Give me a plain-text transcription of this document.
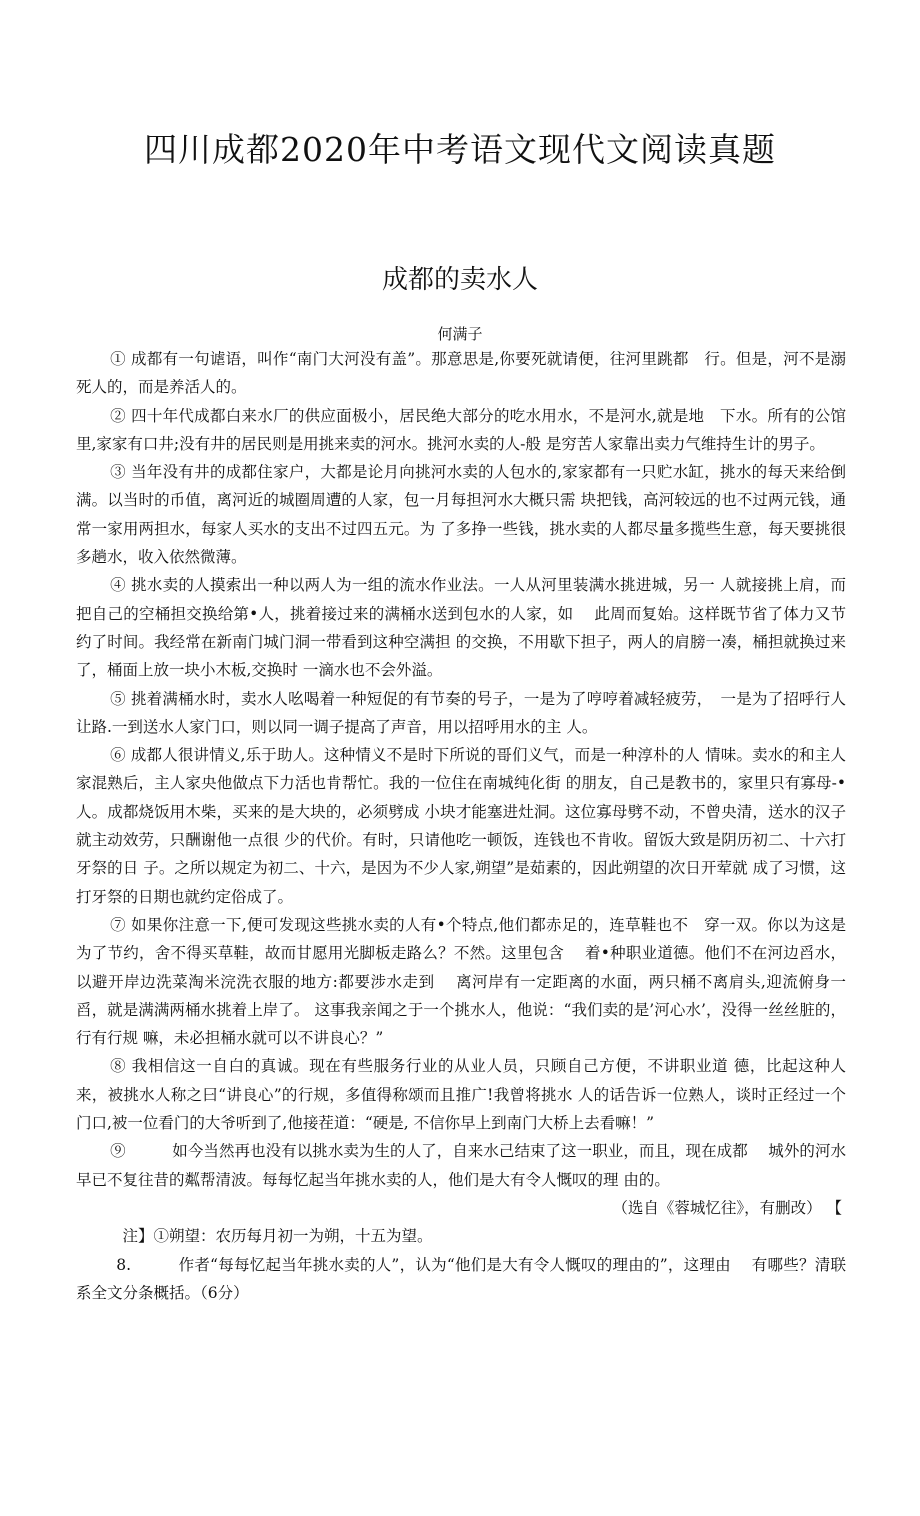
四川成都2020年中考语文现代文阅读真题
成都的卖水人
何满子

① 成都有一句谑语，叫作“南门大河没有盖”。那意思是,你要死就请便，往河里跳都　行。但是，河不是溺死人的，而是养活人的。

② 四十年代成都白来水厂的供应面极小，居民绝大部分的吃水用水，不是河水,就是地　下水。所有的公馆里,家家有口井;没有井的居民则是用挑来卖的河水。挑河水卖的人-般 是穷苦人家靠出卖力气维持生计的男子。

③ 当年没有井的成都住家户，大都是论月向挑河水卖的人包水的,家家都有一只贮水缸，挑水的每天来给倒满。以当时的币值，离河近的城圈周遭的人家，包一月每担河水大概只需 块把钱，高河较远的也不过两元钱，通常一家用两担水，每家人买水的支出不过四五元。为 了多挣一些钱，挑水卖的人都尽量多揽些生意，每天要挑很多趟水，收入依然微薄。

④ 挑水卖的人摸索出一种以两人为一组的流水作业法。一人从河里装满水挑进城，另一 人就接挑上肩，而把自己的空桶担交换给第•人，挑着接过来的满桶水送到包水的人家，如　 此周而复始。这样既节省了体力又节约了时间。我经常在新南门城门洞一带看到这种空满担 的交换，不用歇下担子，两人的肩膀一凑，桶担就换过来了，桶面上放一块小木板,交换时 一滴水也不会外溢。

⑤ 挑着满桶水时，卖水人吆喝着一种短促的有节奏的号子，一是为了哼哼着减轻疲劳，　一是为了招呼行人让路.一到送水人家门口，则以同一调子提高了声音，用以招呼用水的主 人。

⑥ 成都人很讲情义,乐于助人。这种情义不是时下所说的哥们义气，而是一种淳朴的人 情味。卖水的和主人家混熟后，主人家央他做点下力活也肯帮忙。我的一位住在南城纯化街 的朋友，自己是教书的，家里只有寡母-•人。成都烧饭用木柴，买来的是大块的，必须劈成 小块才能塞进灶洞。这位寡母劈不动，不曾央清，送水的汉子就主动效劳，只酬谢他一点很 少的代价。有时，只请他吃一顿饭，连钱也不肯收。留饭大致是阴历初二、十六打牙祭的日 子。之所以规定为初二、十六，是因为不少人家,朔望”是茹素的，因此朔望的次日开荤就 成了习惯，这打牙祭的日期也就约定俗成了。

⑦ 如果你注意一下,便可发现这些挑水卖的人有•个特点,他们都赤足的，连草鞋也不　穿一双。你以为这是为了节约，舍不得买草鞋，故而甘愿用光脚板走路么？不然。这里包含　 着•种职业道德。他们不在河边舀水，以避开岸边洗菜淘米浣洗衣服的地方:都要涉水走到　 离河岸有一定距离的水面，两只桶不离肩头,迎流俯身一舀，就是满满两桶水挑着上岸了。 这事我亲闻之于一个挑水人，他说：“我们卖的是’河心水’，没得一丝丝脏的，行有行规 嘛，未必担桶水就可以不讲良心？”

⑧ 我相信这一自白的真诚。现在有些服务行业的从业人员，只顾自己方便，不讲职业道 德，比起这种人来，被挑水人称之曰“讲良心”的行规，多值得称颂而且推广!我曾将挑水 人的话告诉一位熟人，谈时正经过一个门口,被一位看门的大爷听到了,他接茬道：“硬是, 不信你早上到南门大桥上去看嘛！”

⑨　　　如今当然再也没有以挑水卖为生的人了，自来水己结束了这一职业，而且，现在成都　 城外的河水早已不复往昔的粼帮清波。每每忆起当年挑水卖的人，他们是大有令人慨叹的理 由的。

（选自《蓉城忆往》，有删改） 【

注】①朔望：农历每月初一为朔，十五为望。

8.　　　作者“每每忆起当年挑水卖的人”，认为“他们是大有令人慨叹的理由的”，这理由　 有哪些？清联系全文分条概括。（6分）
